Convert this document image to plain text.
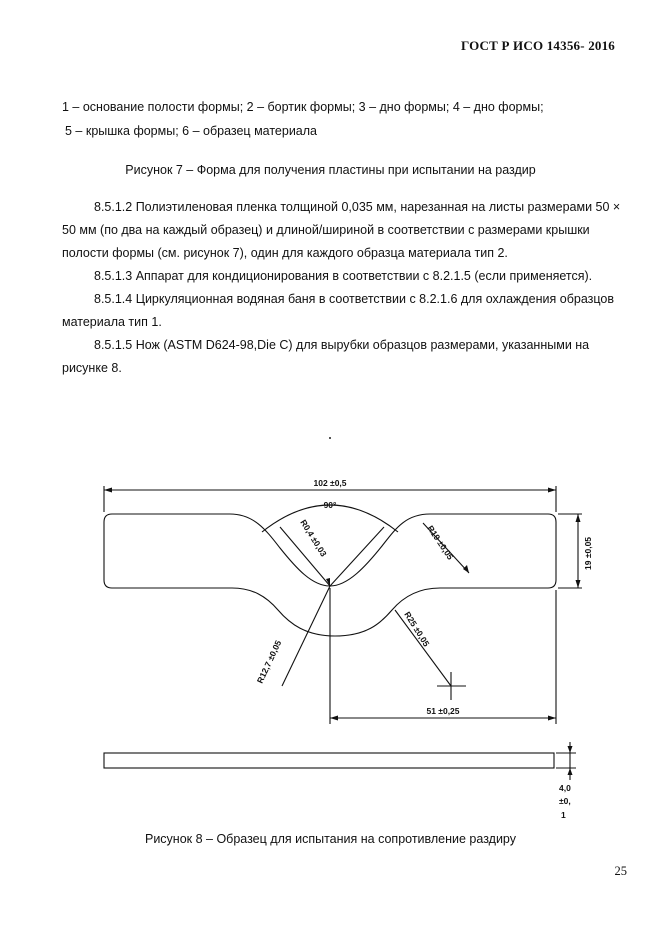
ГОСТ Р ИСО 14356- 2016
1 – основание полости формы; 2 – бортик формы; 3 – дно формы; 4 – дно формы;
5 – крышка формы; 6 – образец материала
Рисунок 7 – Форма для получения пластины при испытании на раздир

8.5.1.2 Полиэтиленовая пленка толщиной 0,035 мм, нарезанная на листы размерами 50 × 50 мм (по два на каждый образец) и длиной/шириной в соответствии с размерами крышки полости формы (см. рисунок 7), один для каждого образца материала тип 2.

8.5.1.3 Аппарат для кондиционирования в соответствии с 8.2.1.5 (если применяется).

8.5.1.4 Циркуляционная водяная баня в соответствии с 8.2.1.6 для охлаждения образцов материала тип 1.

8.5.1.5 Нож (ASTM D624-98,Die C) для вырубки образцов размерами, указанными на рисунке 8.

102 ±0,5
90°
R0,4 ±0,03	R19 ±0,05	19 ±0,05
R12,7 ±0,05
R25 ±0,05
51 ±0,25
4,0
±0,
1
Рисунок 8 – Образец для испытания на сопротивление раздиру
25
